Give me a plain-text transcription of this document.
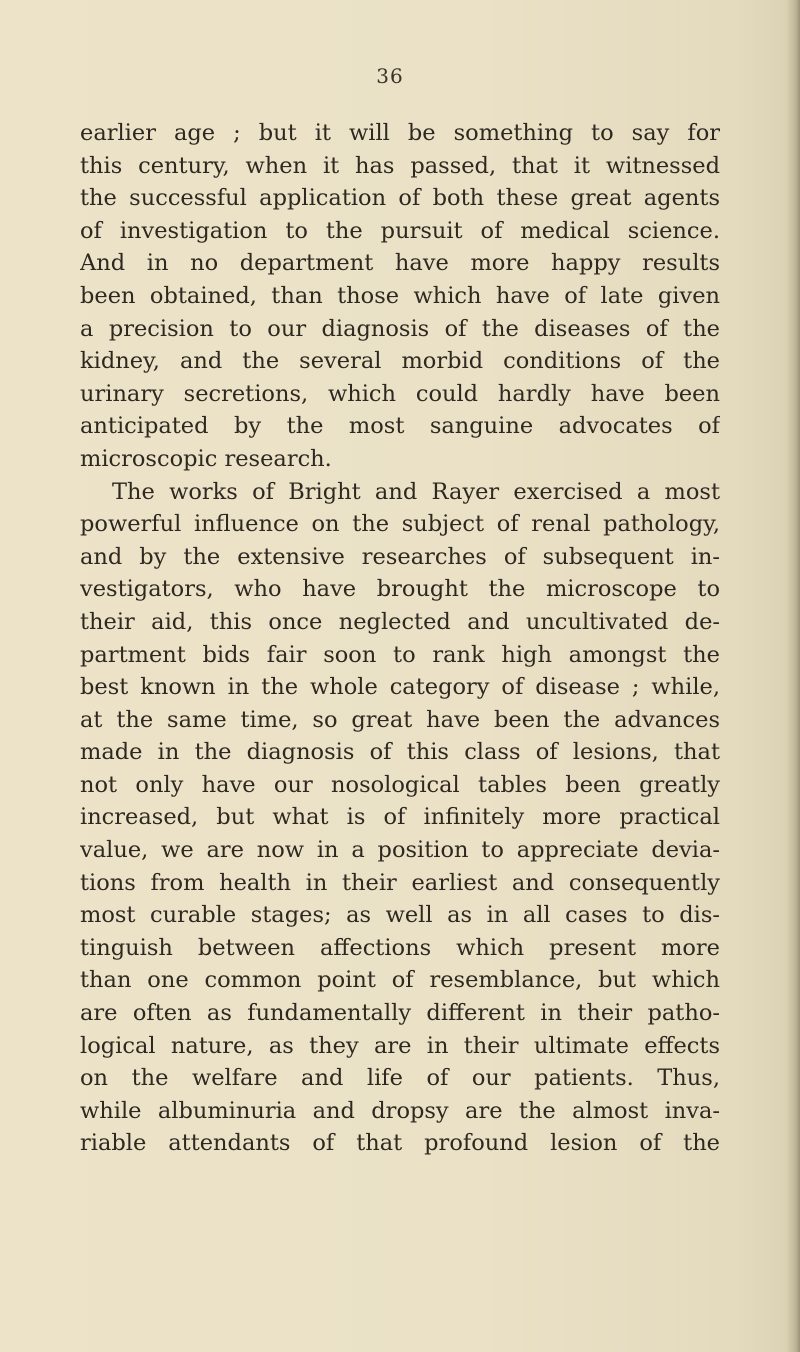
36
earlier age ; but it will be something to say for
this century, when it has passed, that it witnessed
the successful application of both these great agents
of investigation to the pursuit of medical science.
And in no department have more happy results
been obtained, than those which have of late given
a precision to our diagnosis of the diseases of the
kidney, and the several morbid conditions of the
urinary secretions, which could hardly have been
anticipated by the most sanguine advocates of
microscopic research.
The works of Bright and Rayer exercised a most
powerful influence on the subject of renal pathology,
and by the extensive researches of subsequent in-
vestigators, who have brought the microscope to
their aid, this once neglected and uncultivated de-
partment bids fair soon to rank high amongst the
best known in the whole category of disease ; while,
at the same time, so great have been the advances
made in the diagnosis of this class of lesions, that
not only have our nosological tables been greatly
increased, but what is of infinitely more practical
value, we are now in a position to appreciate devia-
tions from health in their earliest and consequently
most curable stages; as well as in all cases to dis-
tinguish between affections which present more
than one common point of resemblance, but which
are often as fundamentally different in their patho-
logical nature, as they are in their ultimate effects
on the welfare and life of our patients. Thus,
while albuminuria and dropsy are the almost inva-
riable attendants of that profound lesion of the
